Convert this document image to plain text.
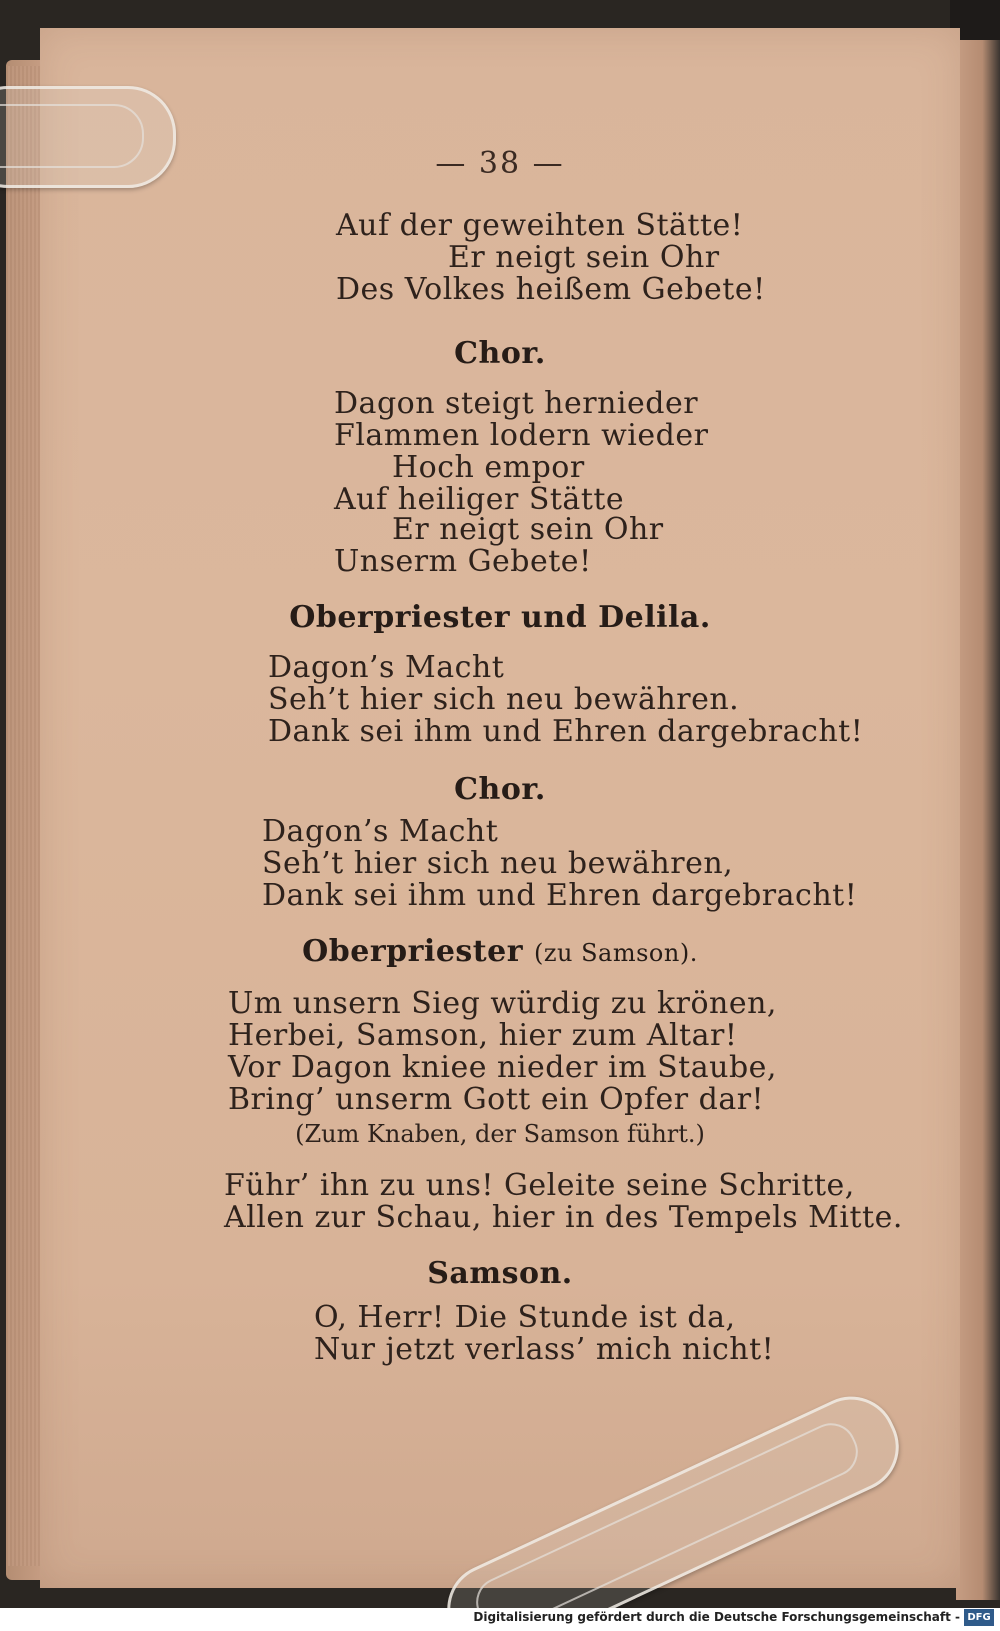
— 38 —
Auf der geweihten Stätte!
Er neigt sein Ohr
Des Volkes heißem Gebete!
Chor.
Dagon steigt hernieder
Flammen lodern wieder
Hoch empor
Auf heiliger Stätte
Er neigt sein Ohr
Unserm Gebete!
Oberpriester und Delila.
Dagon’s Macht
Seh’t hier sich neu bewähren.
Dank sei ihm und Ehren dargebracht!
Chor.
Dagon’s Macht
Seh’t hier sich neu bewähren,
Dank sei ihm und Ehren dargebracht!
Oberpriester (zu Samson).
Um unsern Sieg würdig zu krönen,
Herbei, Samson, hier zum Altar!
Vor Dagon kniee nieder im Staube,
Bring’ unserm Gott ein Opfer dar!
(Zum Knaben, der Samson führt.)
Führ’ ihn zu uns! Geleite seine Schritte,
Allen zur Schau, hier in des Tempels Mitte.
Samson.
O, Herr! Die Stunde ist da,
Nur jetzt verlass’ mich nicht!
Digitalisierung gefördert durch die Deutsche Forschungsgemeinschaft - DFG
